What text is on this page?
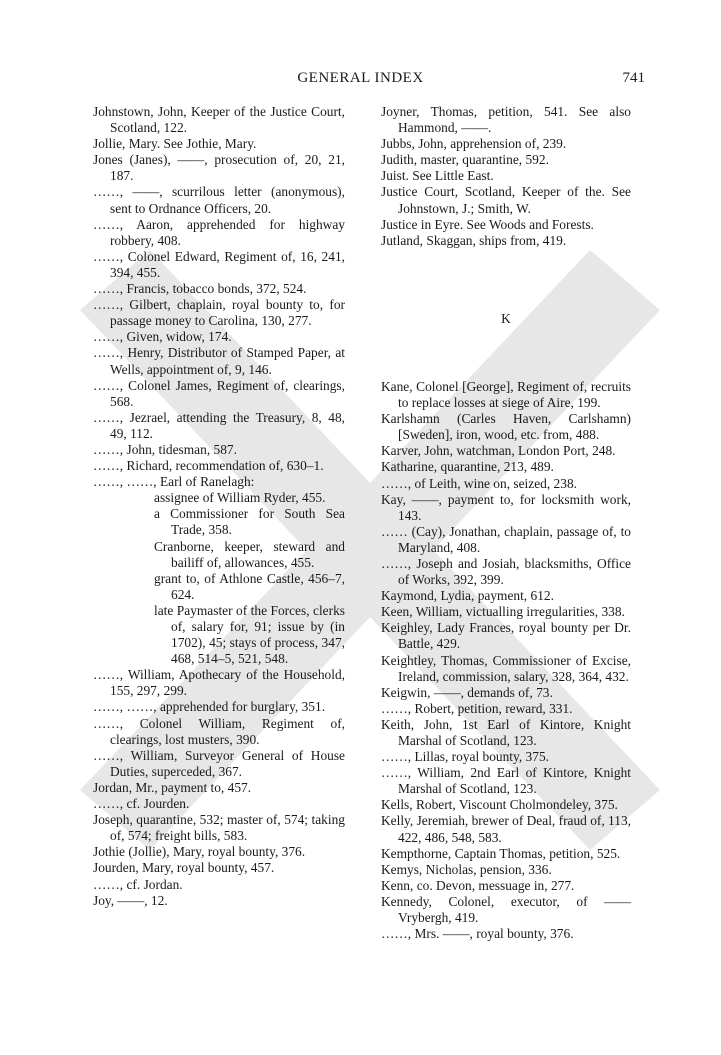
GENERAL INDEX	741
Johnstown, John, Keeper of the Justice Court, Scotland, 122.
Jollie, Mary. See Jothie, Mary.
Jones (Janes), ——, prosecution of, 20, 21, 187.
……, ——, scurrilous letter (anonymous), sent to Ordnance Officers, 20.
……, Aaron, apprehended for highway robbery, 408.
……, Colonel Edward, Regiment of, 16, 241, 394, 455.
……, Francis, tobacco bonds, 372, 524.
……, Gilbert, chaplain, royal bounty to, for passage money to Carolina, 130, 277.
……, Given, widow, 174.
……, Henry, Distributor of Stamped Paper, at Wells, appointment of, 9, 146.
……, Colonel James, Regiment of, clearings, 568.
……, Jezrael, attending the Treasury, 8, 48, 49, 112.
……, John, tidesman, 587.
……, Richard, recommendation of, 630–1.
……, ……, Earl of Ranelagh:
assignee of William Ryder, 455.
a Commissioner for South Sea Trade, 358.
Cranborne, keeper, steward and bailiff of, allowances, 455.
grant to, of Athlone Castle, 456–7, 624.
late Paymaster of the Forces, clerks of, salary for, 91; issue by (in 1702), 45; stays of process, 347, 468, 514–5, 521, 548.
……, William, Apothecary of the Household, 155, 297, 299.
……, ……, apprehended for burglary, 351.
……, Colonel William, Regiment of, clearings, lost musters, 390.
……, William, Surveyor General of House Duties, superceded, 367.
Jordan, Mr., payment to, 457.
……, cf. Jourden.
Joseph, quarantine, 532; master of, 574; taking of, 574; freight bills, 583.
Jothie (Jollie), Mary, royal bounty, 376.
Jourden, Mary, royal bounty, 457.
……, cf. Jordan.
Joy, ——, 12.
Joyner, Thomas, petition, 541. See also Hammond, ——.
Jubbs, John, apprehension of, 239.
Judith, master, quarantine, 592.
Juist. See Little East.
Justice Court, Scotland, Keeper of the. See Johnstown, J.; Smith, W.
Justice in Eyre. See Woods and Forests.
Jutland, Skaggan, ships from, 419.
K
Kane, Colonel [George], Regiment of, recruits to replace losses at siege of Aire, 199.
Karlshamn (Carles Haven, Carlshamn) [Sweden], iron, wood, etc. from, 488.
Karver, John, watchman, London Port, 248.
Katharine, quarantine, 213, 489.
……, of Leith, wine on, seized, 238.
Kay, ——, payment to, for locksmith work, 143.
…… (Cay), Jonathan, chaplain, passage of, to Maryland, 408.
……, Joseph and Josiah, blacksmiths, Office of Works, 392, 399.
Kaymond, Lydia, payment, 612.
Keen, William, victualling irregularities, 338.
Keighley, Lady Frances, royal bounty per Dr. Battle, 429.
Keightley, Thomas, Commissioner of Excise, Ireland, commission, salary, 328, 364, 432.
Keigwin, ——, demands of, 73.
……, Robert, petition, reward, 331.
Keith, John, 1st Earl of Kintore, Knight Marshal of Scotland, 123.
……, Lillas, royal bounty, 375.
……, William, 2nd Earl of Kintore, Knight Marshal of Scotland, 123.
Kells, Robert, Viscount Cholmondeley, 375.
Kelly, Jeremiah, brewer of Deal, fraud of, 113, 422, 486, 548, 583.
Kempthorne, Captain Thomas, petition, 525.
Kemys, Nicholas, pension, 336.
Kenn, co. Devon, messuage in, 277.
Kennedy, Colonel, executor, of —— Vrybergh, 419.
……, Mrs. ——, royal bounty, 376.
